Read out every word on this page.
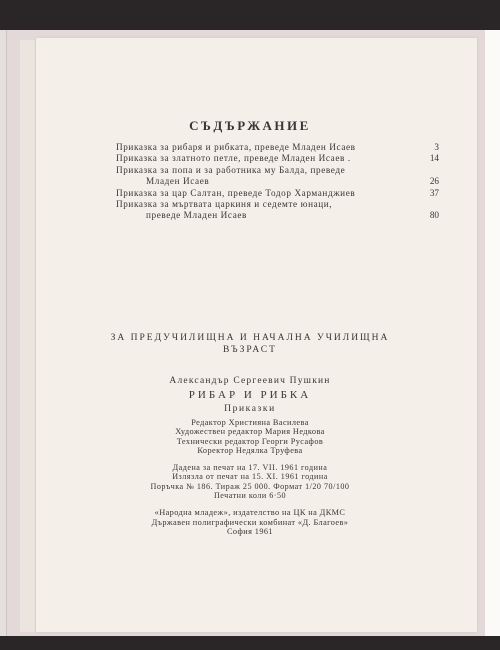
СЪДЪРЖАНИЕ
Приказка за рибаря и рибката, преведе Младен Исаев	3
Приказка за златното петле, преведе Младен Исаев .	14
Приказка за попа и за работника му Балда, преведе
Младен Исаев	26
Приказка за цар Салтан, преведе Тодор Харманджиев	37
Приказка за мъртвата царкиня и седемте юнаци,
преведе Младен Исаев	80
ЗА ПРЕДУЧИЛИЩНА И НАЧАЛНА УЧИЛИЩНА
ВЪЗРАСТ
Александър Сергеевич Пушкин
РИБАР И РИБКА
Приказки
Редактор Християна Василева
Художествен редактор Мария Недкова
Технически редактор Георги Русафов
Коректор Недялка Труфева
Дадена за печат на 17. VII. 1961 година
Излязла от печат на 15. XI. 1961 година
Поръчка № 186. Тираж 25 000. Формат 1/20 70/100
Печатни коли 6·50
«Народна младеж», издателство на ЦК на ДКМС
Държавен полиграфически комбинат «Д. Благоев»
София 1961
